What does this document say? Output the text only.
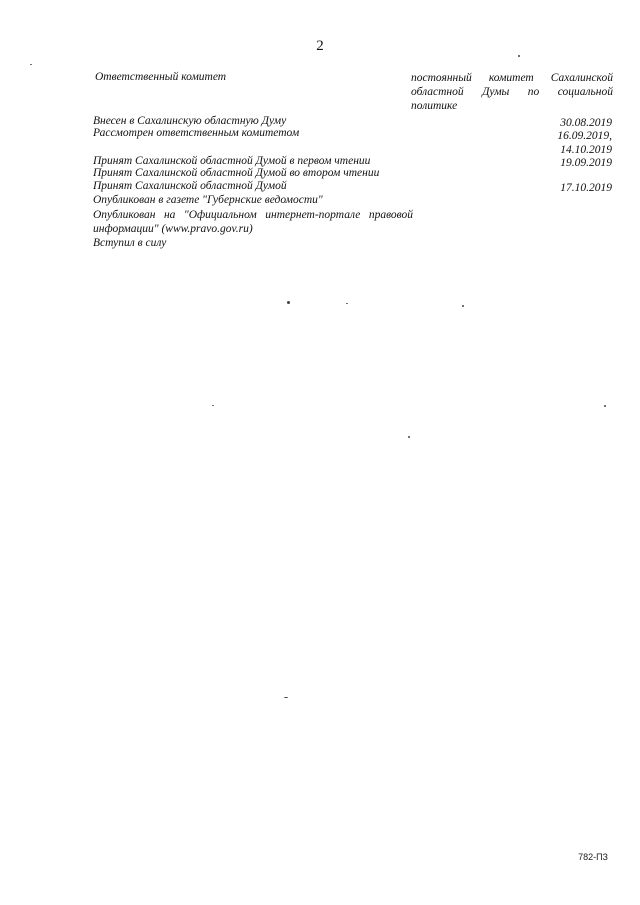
2
Ответственный комитет	постоянный комитет Сахалинской областной Думы по социальной политике
Внесен в Сахалинскую областную Думу	30.08.2019
Рассмотрен ответственным комитетом	16.09.2019,
14.10.2019
Принят Сахалинской областной Думой в первом чтении	19.09.2019
Принят Сахалинской областной Думой во втором чтении
Принят Сахалинской областной Думой	17.10.2019
Опубликован в газете "Губернские ведомости"
Опубликован на "Официальном интернет-портале правовой информации" (www.pravo.gov.ru)
Вступил в силу
782-ПЗ
